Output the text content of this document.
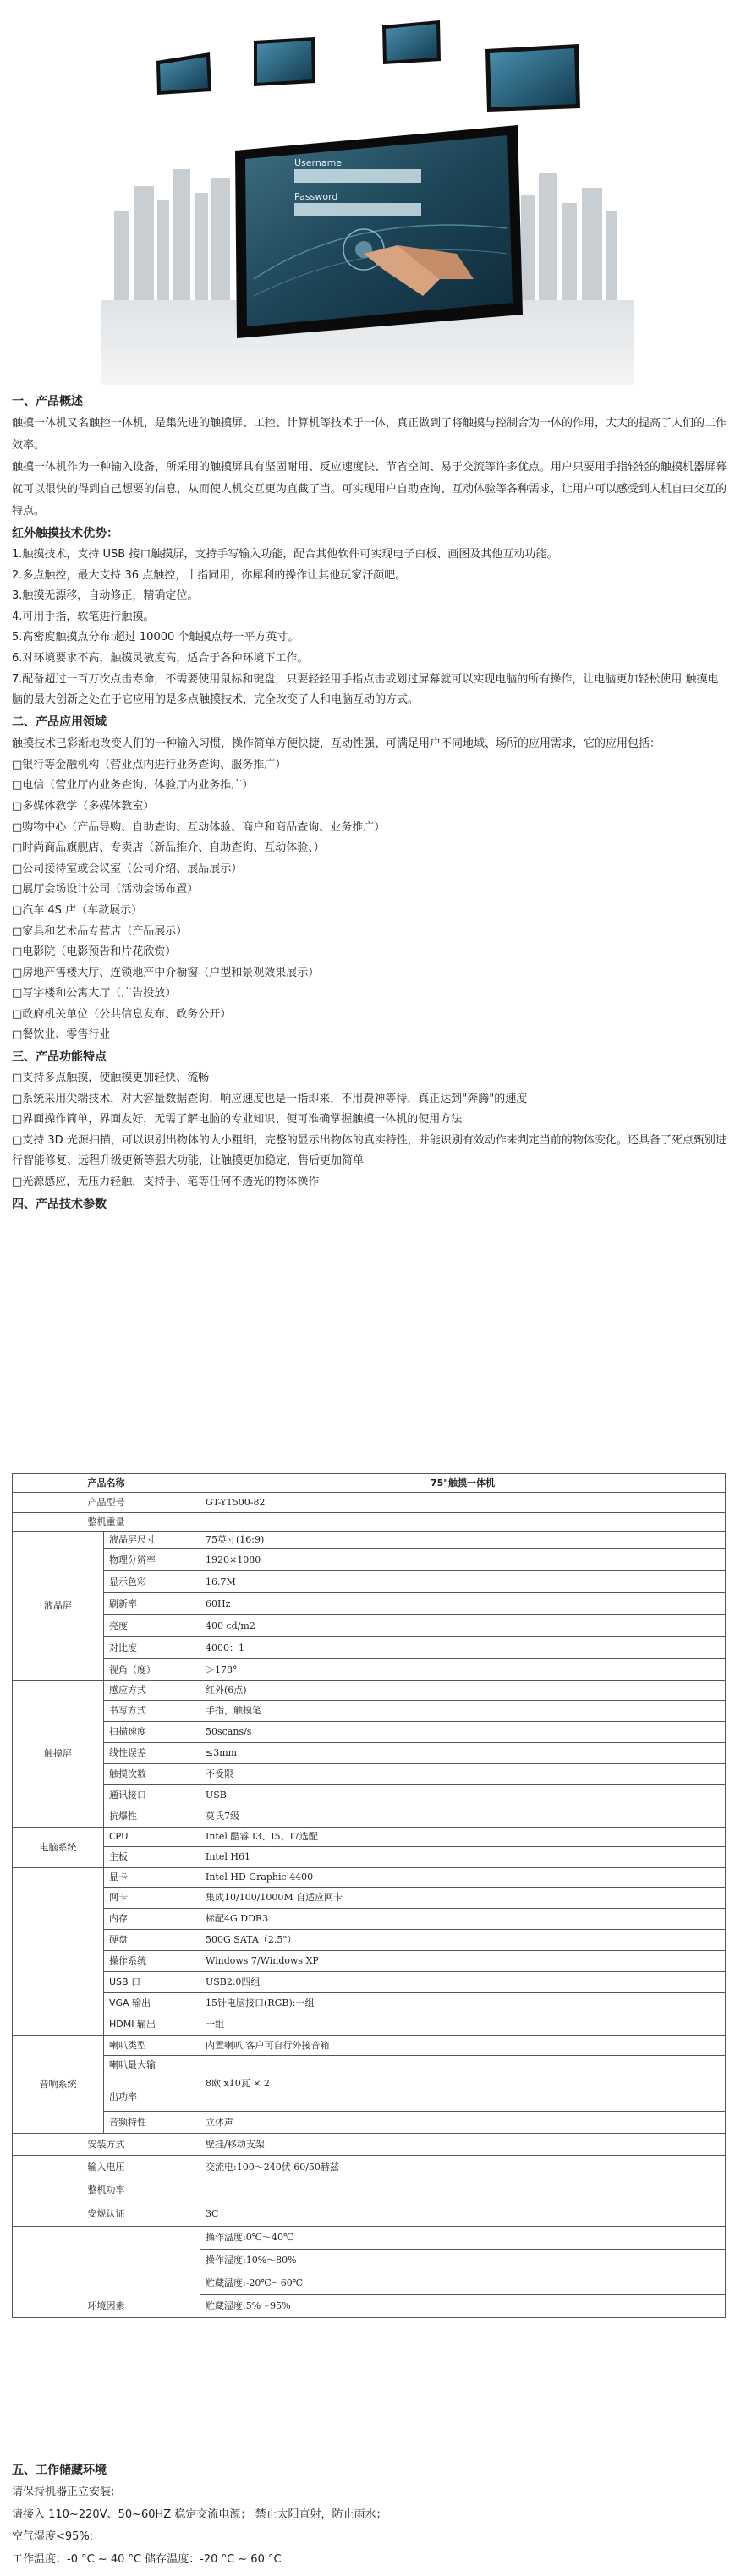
Username
Password

一、产品概述

触摸一体机又名触控一体机，是集先进的触摸屏、工控、计算机等技术于一体，真正做到了将触摸与控制合为一体的作用，大大的提高了人们的工作效率。

触摸一体机作为一种输入设备，所采用的触摸屏具有坚固耐用、反应速度快、节省空间、易于交流等许多优点。用户只要用手指轻轻的触摸机器屏幕就可以很快的得到自己想要的信息，从而使人机交互更为直截了当。可实现用户自助查询、互动体验等各种需求，让用户可以感受到人机自由交互的特点。

红外触摸技术优势：

1.触摸技术，支持 USB 接口触摸屏，支持手写输入功能，配合其他软件可实现电子白板、画图及其他互动功能。

2.多点触控，最大支持 36 点触控，十指同用，你犀利的操作让其他玩家汗颜吧。

3.触摸无漂移，自动修正，精确定位。

4.可用手指，软笔进行触摸。

5.高密度触摸点分布:超过 10000 个触摸点每一平方英寸。

6.对环境要求不高，触摸灵敏度高，适合于各种环境下工作。

7.配备超过一百万次点击寿命，不需要使用鼠标和键盘，只要轻轻用手指点击或划过屏幕就可以实现电脑的所有操作，让电脑更加轻松使用 触摸电脑的最大创新之处在于它应用的是多点触摸技术，完全改变了人和电脑互动的方式。

二、产品应用领域

触摸技术已彩渐地改变人们的一种输入习惯，操作简单方便快捷，互动性强、可满足用户不同地域、场所的应用需求，它的应用包括：

□银行等金融机构（营业点内进行业务查询、服务推广）

□电信（营业厅内业务查询、体验厅内业务推广）

□多媒体教学（多媒体教室）

□购物中心（产品导购、自助查询、互动体验、商户和商品查询、业务推广）

□时尚商品旗舰店、专卖店（新品推介、自助查询、互动体验、）

□公司接待室或会议室（公司介绍、展品展示）

□展厅会场设计公司（活动会场布置）

□汽车 4S 店（车款展示）

□家具和艺术品专营店（产品展示）

□电影院（电影预告和片花欣赏）

□房地产售楼大厅、连锁地产中介橱窗（户型和景观效果展示）

□写字楼和公寓大厅（广告投放）

□政府机关单位（公共信息发布、政务公开）

□餐饮业、零售行业

三、产品功能特点

□支持多点触摸，使触摸更加轻快、流畅

□系统采用尖端技术，对大容量数据查询，响应速度也是一指即来，不用费神等待，真正达到"奔腾"的速度

□界面操作简单，界面友好，无需了解电脑的专业知识、便可准确掌握触摸一体机的使用方法

□支持 3D 光源扫描，可以识别出物体的大小粗细，完整的显示出物体的真实特性，并能识别有效动作来判定当前的物体变化。还具备了死点甄别进行智能修复、远程升级更新等强大功能，让触摸更加稳定，售后更加简单

□光源感应，无压力轻触，支持手、笔等任何不透光的物体操作

四、产品技术参数

产品名称		75"触摸一体机
产品型号		GT-YT500-82
整机重量		
液晶屏	液晶屏尺寸	75英寸(16:9)
	物理分辨率	1920×1080
	显示色彩	16.7M
	刷新率	60Hz
	亮度	400 cd/m2
	对比度	4000：1
	视角（度）	＞178°
触摸屏	感应方式	红外(6点)
	书写方式	手指，触摸笔
	扫描速度	50scans/s
	线性误差	≤3mm
	触摸次数	不受限
	通讯接口	USB
	抗爆性	莫氏7级
电脑系统	CPU	Intel 酷睿 I3、I5、I7选配
	主板	Intel H61
	显卡	Intel HD Graphic 4400
	网卡	集成10/100/1000M 自适应网卡
	内存	标配4G DDR3
	硬盘	500G SATA（2.5"）
	操作系统	Windows 7/Windows XP
	USB 口	USB2.0四组
	VGA 输出	15针电脑接口(RGB):一组
	HDMI 输出	一组
音响系统	喇叭类型	内置喇叭,客户可自行外接音箱

	喇叭最大输
出功率	8欧 x10瓦 × 2
	音频特性	立体声
安装方式		壁挂/移动支架
输入电压		交流电:100～240伏 60/50赫兹
整机功率		
安规认证		3C
环境因素		操作温度:0℃～40℃
		操作湿度:10%～80%
		贮藏温度:-20℃～60℃
		贮藏湿度:5%～95%

五、工作储藏环境

请保持机器正立安装;

请接入 110~220V、50~60HZ 稳定交流电源； 禁止太阳直射，防止雨水；

空气湿度<95%;

工作温度：-0 °C ~ 40 °C 储存温度：-20 °C ~ 60 °C
